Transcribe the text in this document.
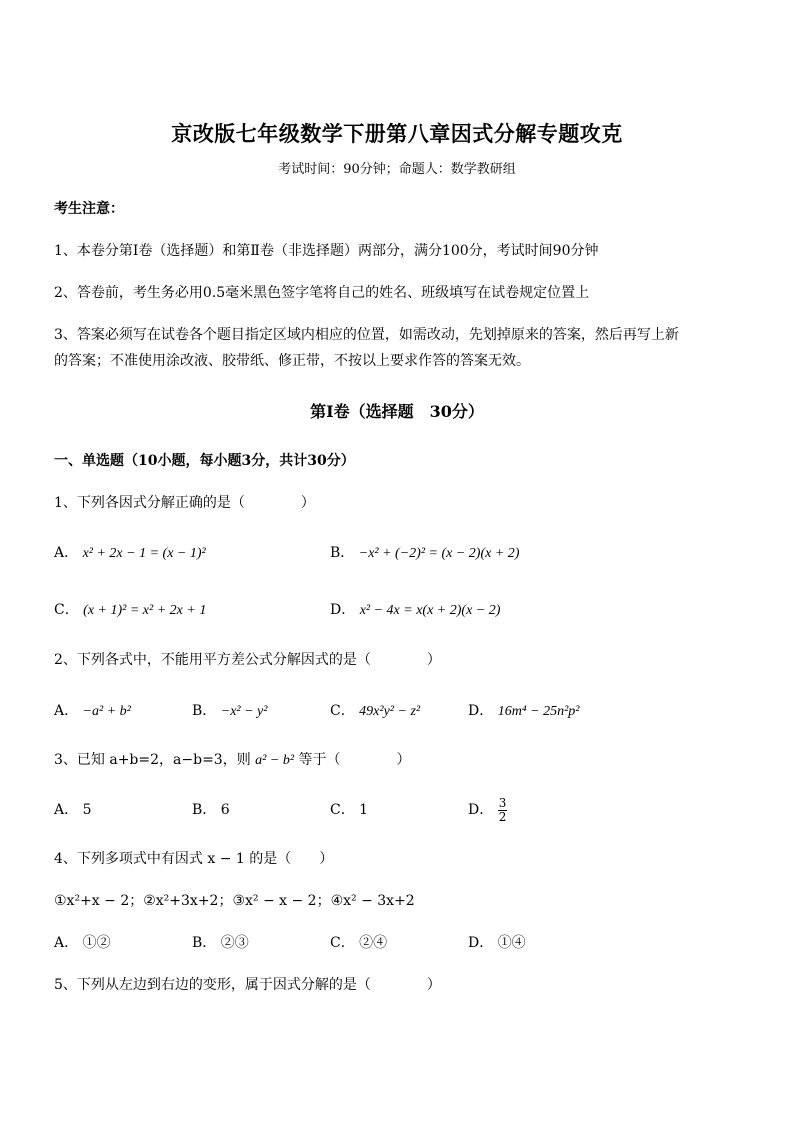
京改版七年级数学下册第八章因式分解专题攻克
考试时间：90分钟；命题人：数学教研组
考生注意：
1、本卷分第Ⅰ卷（选择题）和第Ⅱ卷（非选择题）两部分，满分100分，考试时间90分钟
2、答卷前，考生务必用0.5毫米黑色签字笔将自己的姓名、班级填写在试卷规定位置上
3、答案必须写在试卷各个题目指定区域内相应的位置，如需改动，先划掉原来的答案，然后再写上新
的答案；不准使用涂改液、胶带纸、修正带，不按以上要求作答的答案无效。
第Ⅰ卷（选择题　30分）
一、单选题（10小题，每小题3分，共计30分）
1、下列各因式分解正确的是（　　　　）
A． x² + 2x − 1 = (x − 1)²	B． −x² + (−2)² = (x − 2)(x + 2)
C． (x + 1)² = x² + 2x + 1	D． x² − 4x = x(x + 2)(x − 2)
2、下列各式中，不能用平方差公式分解因式的是（　　　　）
A． −a² + b²	B． −x² − y²	C． 49x²y² − z²	D． 16m⁴ − 25n²p²
3、已知 a+b=2，a−b=3，则 a² − b² 等于（　　　　）
A． 5	B． 6	C． 1	D． $\frac{3}{2}$
4、下列多项式中有因式 x − 1 的是（　　）
①x²+x − 2；②x²+3x+2；③x² − x − 2；④x² − 3x+2
A． ①②	B． ②③	C． ②④	D． ①④
5、下列从左边到右边的变形，属于因式分解的是（　　　　）
